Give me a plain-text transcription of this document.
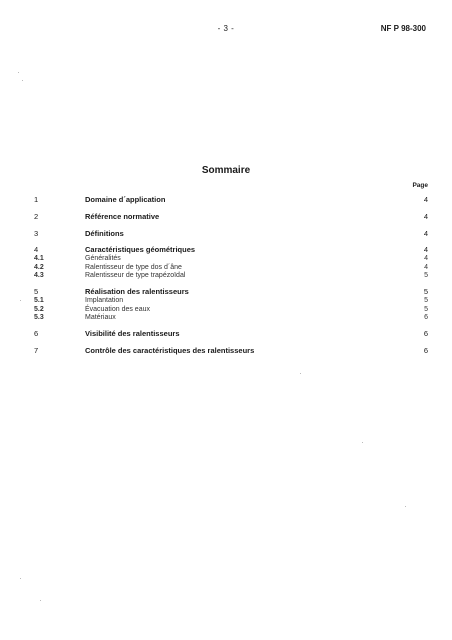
- 3 -	NF P 98-300
Sommaire
Page
1	Domaine d´application	4
2	Référence normative	4
3	Définitions	4
4	Caractéristiques géométriques	4
4.1	Généralités	4
4.2	Ralentisseur de type dos d´âne	4
4.3	Ralentisseur de type trapézoïdal	5
5	Réalisation des ralentisseurs	5
5.1	Implantation	5
5.2	Évacuation des eaux	5
5.3	Matériaux	6
6	Visibilité des ralentisseurs	6
7	Contrôle des caractéristiques des ralentisseurs	6
